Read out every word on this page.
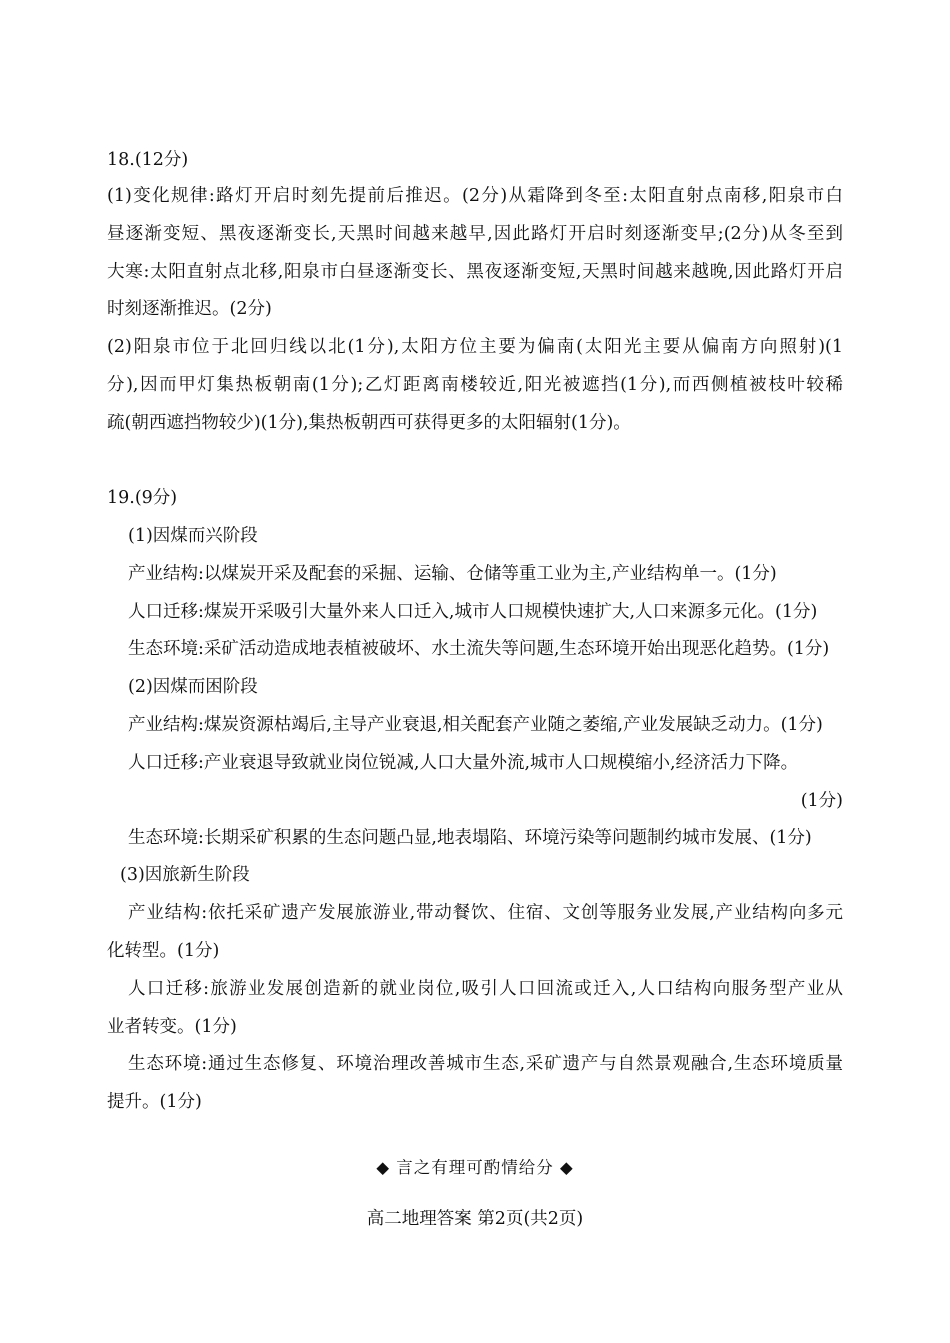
18.(12分)

(1)变化规律:路灯开启时刻先提前后推迟。(2分)从霜降到冬至:太阳直射点南移,阳泉市白

昼逐渐变短、黑夜逐渐变长,天黑时间越来越早,因此路灯开启时刻逐渐变早;(2分)从冬至到

大寒:太阳直射点北移,阳泉市白昼逐渐变长、黑夜逐渐变短,天黑时间越来越晚,因此路灯开启

时刻逐渐推迟。(2分)

(2)阳泉市位于北回归线以北(1分),太阳方位主要为偏南(太阳光主要从偏南方向照射)(1

分),因而甲灯集热板朝南(1分);乙灯距离南楼较近,阳光被遮挡(1分),而西侧植被枝叶较稀

疏(朝西遮挡物较少)(1分),集热板朝西可获得更多的太阳辐射(1分)。

19.(9分)

(1)因煤而兴阶段

产业结构:以煤炭开采及配套的采掘、运输、仓储等重工业为主,产业结构单一。(1分)

人口迁移:煤炭开采吸引大量外来人口迁入,城市人口规模快速扩大,人口来源多元化。(1分)

生态环境:采矿活动造成地表植被破坏、水土流失等问题,生态环境开始出现恶化趋势。(1分)

(2)因煤而困阶段

产业结构:煤炭资源枯竭后,主导产业衰退,相关配套产业随之萎缩,产业发展缺乏动力。(1分)

人口迁移:产业衰退导致就业岗位锐减,人口大量外流,城市人口规模缩小,经济活力下降。

(1分)

生态环境:长期采矿积累的生态问题凸显,地表塌陷、环境污染等问题制约城市发展、(1分)

(3)因旅新生阶段

产业结构:依托采矿遗产发展旅游业,带动餐饮、住宿、文创等服务业发展,产业结构向多元

化转型。(1分)

人口迁移:旅游业发展创造新的就业岗位,吸引人口回流或迁入,人口结构向服务型产业从

业者转变。(1分)

生态环境:通过生态修复、环境治理改善城市生态,采矿遗产与自然景观融合,生态环境质量

提升。(1分)

◆ 言之有理可酌情给分 ◆

高二地理答案 第2页(共2页)
